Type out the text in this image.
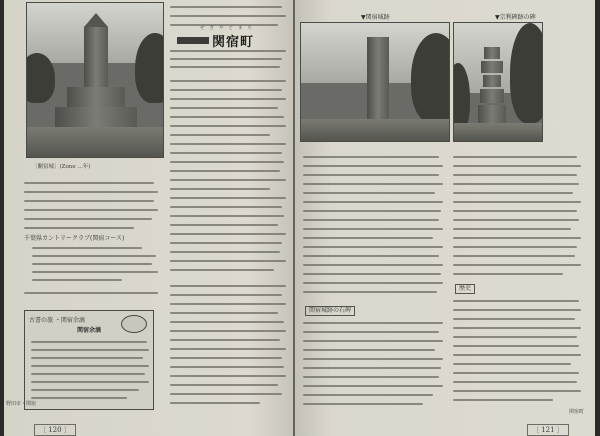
〔關宿城〕(Zone …年)
せきやどまち
関宿町
千葉県カントリークラブ(関宿コース)
古書の旅 ・関宿余滴
関宿余滴
〔 120 〕
野田市・関宿
▼関宿城跡	▼宗利碑跡の碑
関宿城跡の石碑
歴史
〔 121 〕
関宿町
